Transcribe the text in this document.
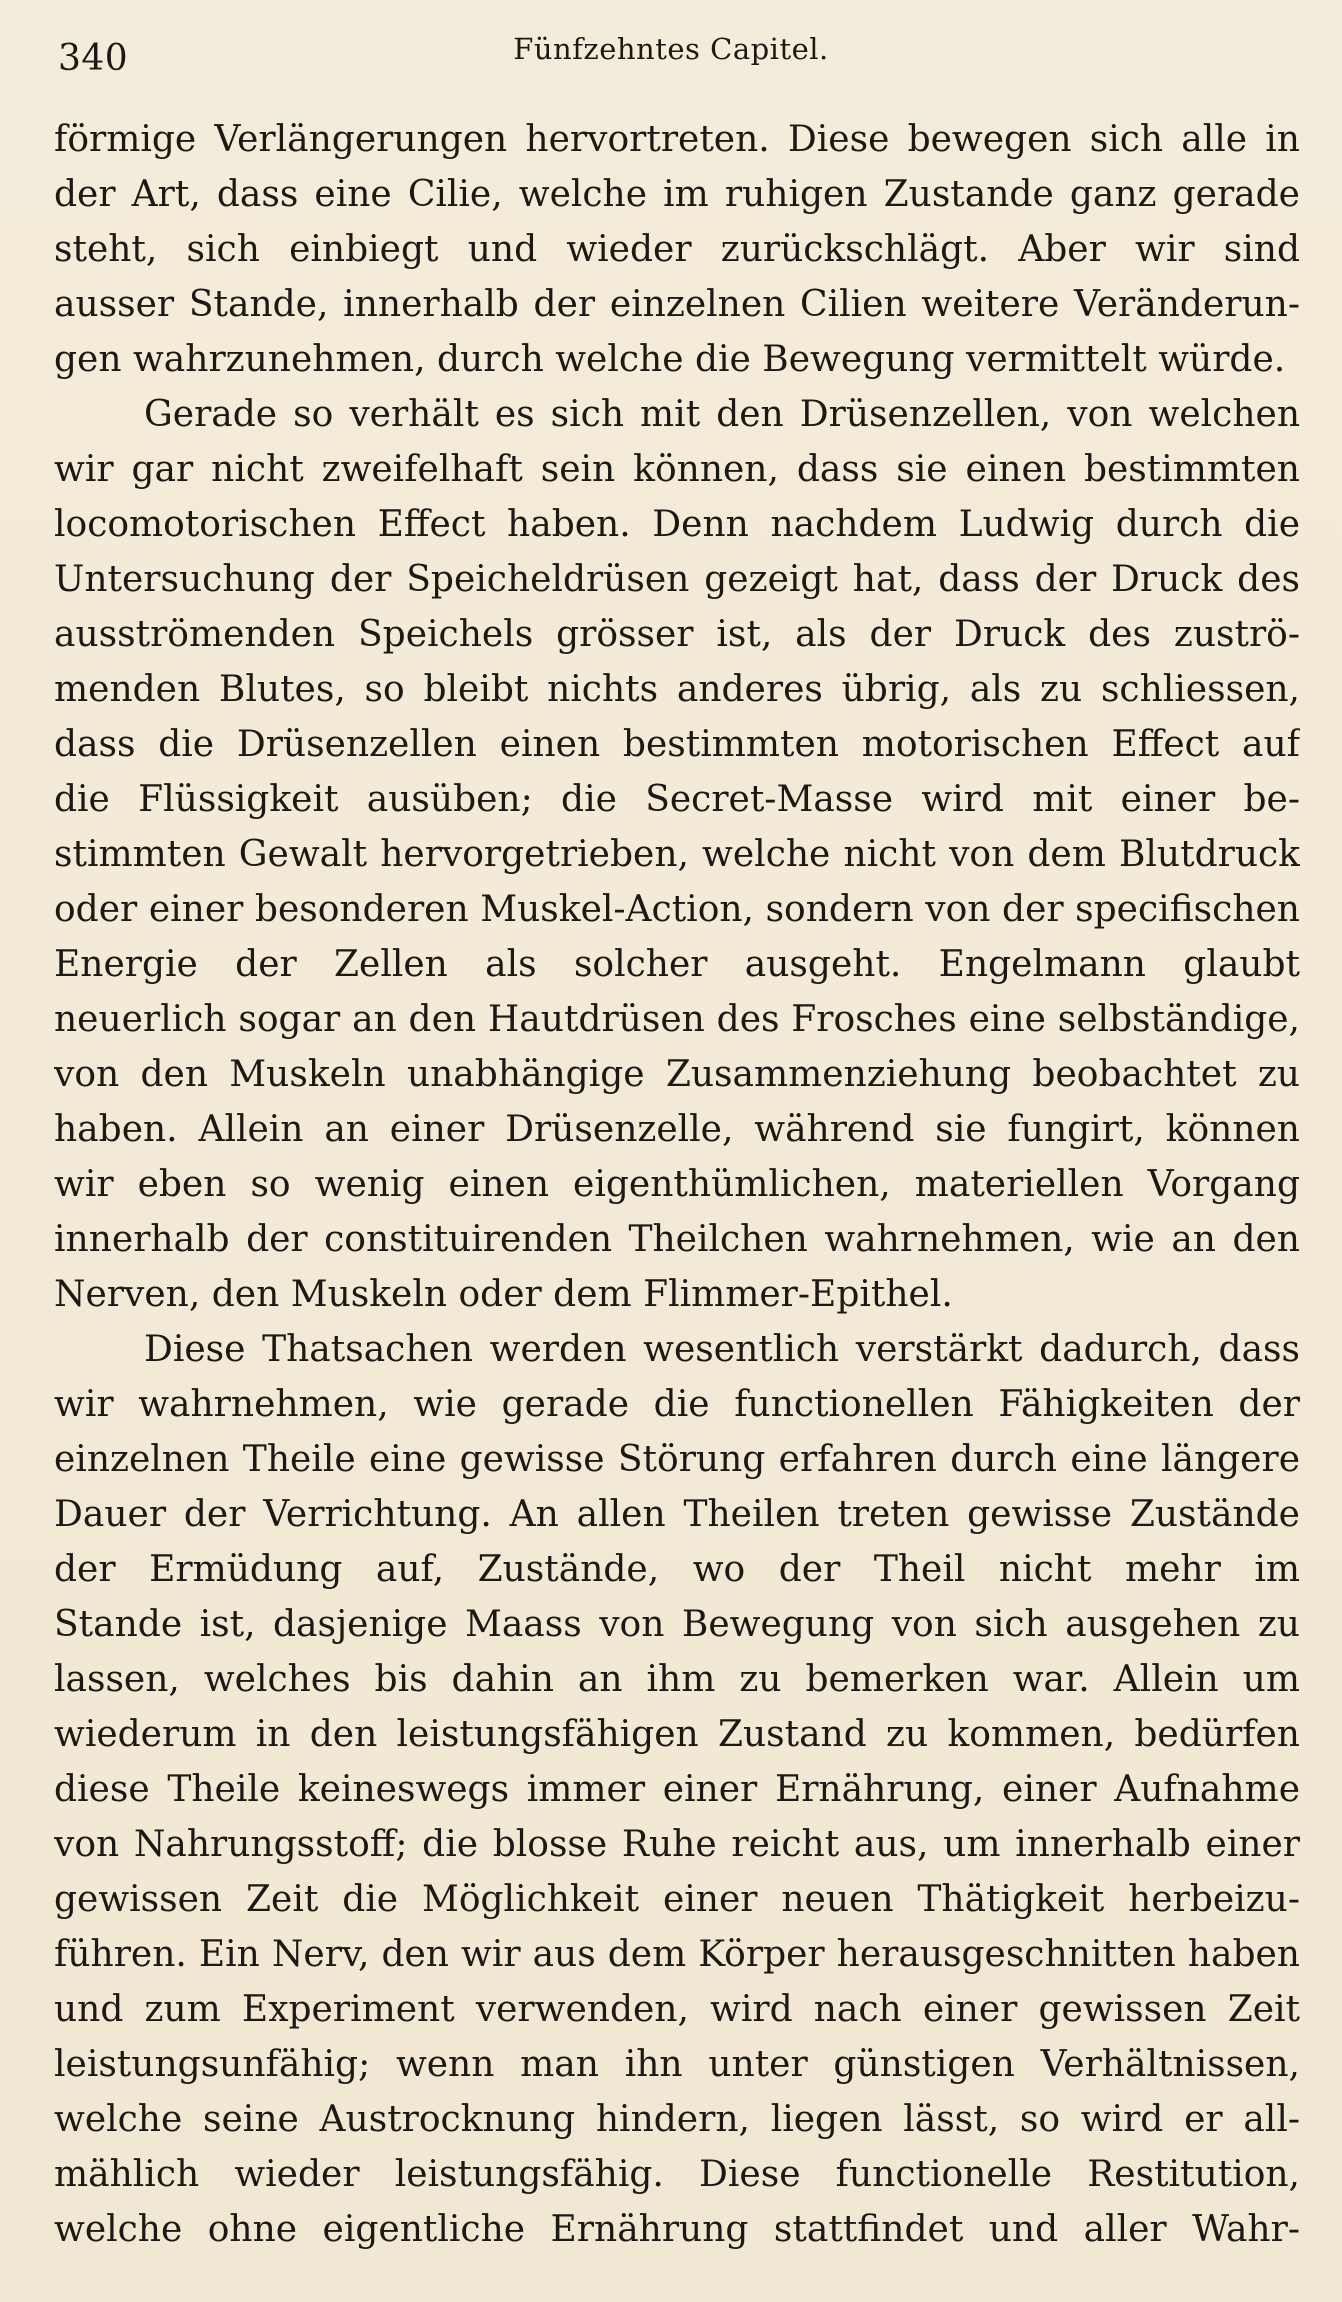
340	Fünfzehntes Capitel.
förmige Verlängerungen hervortreten. Diese bewegen sich alle in
der Art, dass eine Cilie, welche im ruhigen Zustande ganz gerade
steht, sich einbiegt und wieder zurückschlägt. Aber wir sind
ausser Stande, innerhalb der einzelnen Cilien weitere Veränderun-
gen wahrzunehmen, durch welche die Bewegung vermittelt würde.
Gerade so verhält es sich mit den Drüsenzellen, von welchen
wir gar nicht zweifelhaft sein können, dass sie einen bestimmten
locomotorischen Effect haben. Denn nachdem Ludwig durch die
Untersuchung der Speicheldrüsen gezeigt hat, dass der Druck des
ausströmenden Speichels grösser ist, als der Druck des zuströ-
menden Blutes, so bleibt nichts anderes übrig, als zu schliessen,
dass die Drüsenzellen einen bestimmten motorischen Effect auf
die Flüssigkeit ausüben; die Secret-Masse wird mit einer be-
stimmten Gewalt hervorgetrieben, welche nicht von dem Blutdruck
oder einer besonderen Muskel-Action, sondern von der specifischen
Energie der Zellen als solcher ausgeht. Engelmann glaubt
neuerlich sogar an den Hautdrüsen des Frosches eine selbständige,
von den Muskeln unabhängige Zusammenziehung beobachtet zu
haben. Allein an einer Drüsenzelle, während sie fungirt, können
wir eben so wenig einen eigenthümlichen, materiellen Vorgang
innerhalb der constituirenden Theilchen wahrnehmen, wie an den
Nerven, den Muskeln oder dem Flimmer-Epithel.
Diese Thatsachen werden wesentlich verstärkt dadurch, dass
wir wahrnehmen, wie gerade die functionellen Fähigkeiten der
einzelnen Theile eine gewisse Störung erfahren durch eine längere
Dauer der Verrichtung. An allen Theilen treten gewisse Zustände
der Ermüdung auf, Zustände, wo der Theil nicht mehr im
Stande ist, dasjenige Maass von Bewegung von sich ausgehen zu
lassen, welches bis dahin an ihm zu bemerken war. Allein um
wiederum in den leistungsfähigen Zustand zu kommen, bedürfen
diese Theile keineswegs immer einer Ernährung, einer Aufnahme
von Nahrungsstoff; die blosse Ruhe reicht aus, um innerhalb einer
gewissen Zeit die Möglichkeit einer neuen Thätigkeit herbeizu-
führen. Ein Nerv, den wir aus dem Körper herausgeschnitten haben
und zum Experiment verwenden, wird nach einer gewissen Zeit
leistungsunfähig; wenn man ihn unter günstigen Verhältnissen,
welche seine Austrocknung hindern, liegen lässt, so wird er all-
mählich wieder leistungsfähig. Diese functionelle Restitution,
welche ohne eigentliche Ernährung stattfindet und aller Wahr-
